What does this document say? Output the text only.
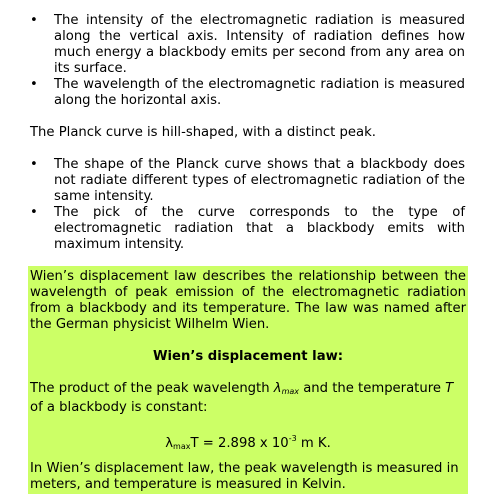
•	The intensity of the electromagnetic radiation is measured along the vertical axis. Intensity of radiation defines how much energy a blackbody emits per second from any area on its surface.
•	The wavelength of the electromagnetic radiation is measured along the horizontal axis.

The Planck curve is hill-shaped, with a distinct peak.

•	The shape of the Planck curve shows that a blackbody does not radiate different types of electromagnetic radiation of the same intensity.
•	The pick of the curve corresponds to the type of electromagnetic radiation that a blackbody emits with maximum intensity.

Wien’s displacement law describes the relationship between the wavelength of peak emission of the electromagnetic radiation from a blackbody and its temperature. The law was named after the German physicist Wilhelm Wien.

Wien’s displacement law:

The product of the peak wavelength $\lambda_{max}$ and the temperature T of a blackbody is constant:

$\lambda_{max}T = 2.898$ x $10^{-3}$ m K.

In Wien’s displacement law, the peak wavelength is measured in meters, and temperature is measured in Kelvin.
